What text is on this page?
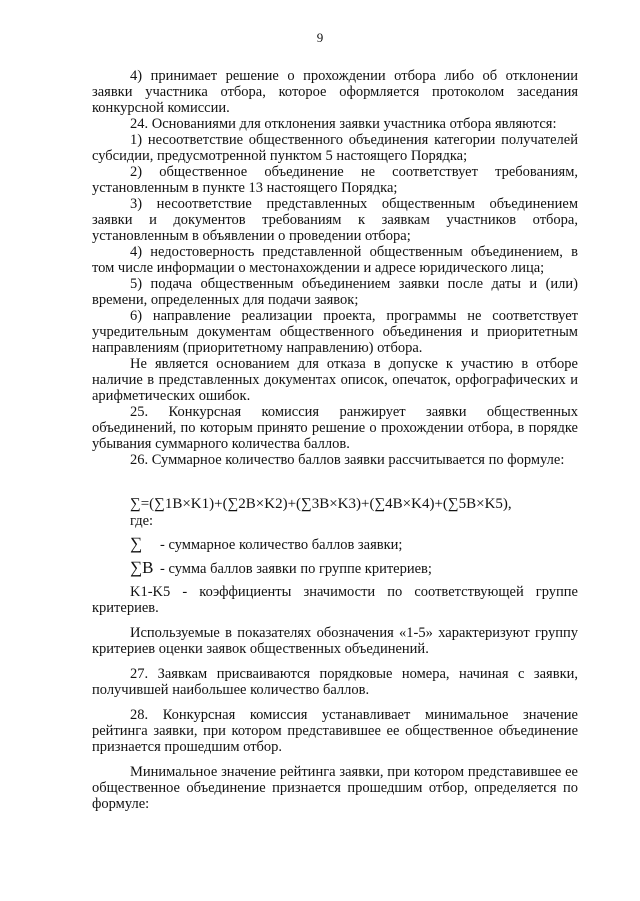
9

4) принимает решение о прохождении отбора либо об отклонении заявки участника отбора, которое оформляется протоколом заседания конкурсной комиссии.

24. Основаниями для отклонения заявки участника отбора являются:

1) несоответствие общественного объединения категории получателей субсидии, предусмотренной пунктом 5 настоящего Порядка;

2) общественное объединение не соответствует требованиям, установленным в пункте 13 настоящего Порядка;

3) несоответствие представленных общественным объединением заявки и документов требованиям к заявкам участников отбора, установленным в объявлении о проведении отбора;

4) недостоверность представленной общественным объединением, в том числе информации о местонахождении и адресе юридического лица;

5) подача общественным объединением заявки после даты и (или) времени, определенных для подачи заявок;

6) направление реализации проекта, программы не соответствует учредительным документам общественного объединения и приоритетным направлениям (приоритетному направлению) отбора.

Не является основанием для отказа в допуске к участию в отборе наличие в представленных документах описок, опечаток, орфографических и арифметических ошибок.

25. Конкурсная комиссия ранжирует заявки общественных объединений, по которым принято решение о прохождении отбора, в порядке убывания суммарного количества баллов.

26. Суммарное количество баллов заявки рассчитывается по формуле:

∑=(∑1B×K1)+(∑2B×K2)+(∑3B×K3)+(∑4B×K4)+(∑5B×K5),
где:
∑ - суммарное количество баллов заявки;
∑B - сумма баллов заявки по группе критериев;

K1-K5 - коэффициенты значимости по соответствующей группе критериев.

Используемые в показателях обозначения «1-5» характеризуют группу критериев оценки заявок общественных объединений.

27. Заявкам присваиваются порядковые номера, начиная с заявки, получившей наибольшее количество баллов.

28. Конкурсная комиссия устанавливает минимальное значение рейтинга заявки, при котором представившее ее общественное объединение признается прошедшим отбор.

Минимальное значение рейтинга заявки, при котором представившее ее общественное объединение признается прошедшим отбор, определяется по формуле:
